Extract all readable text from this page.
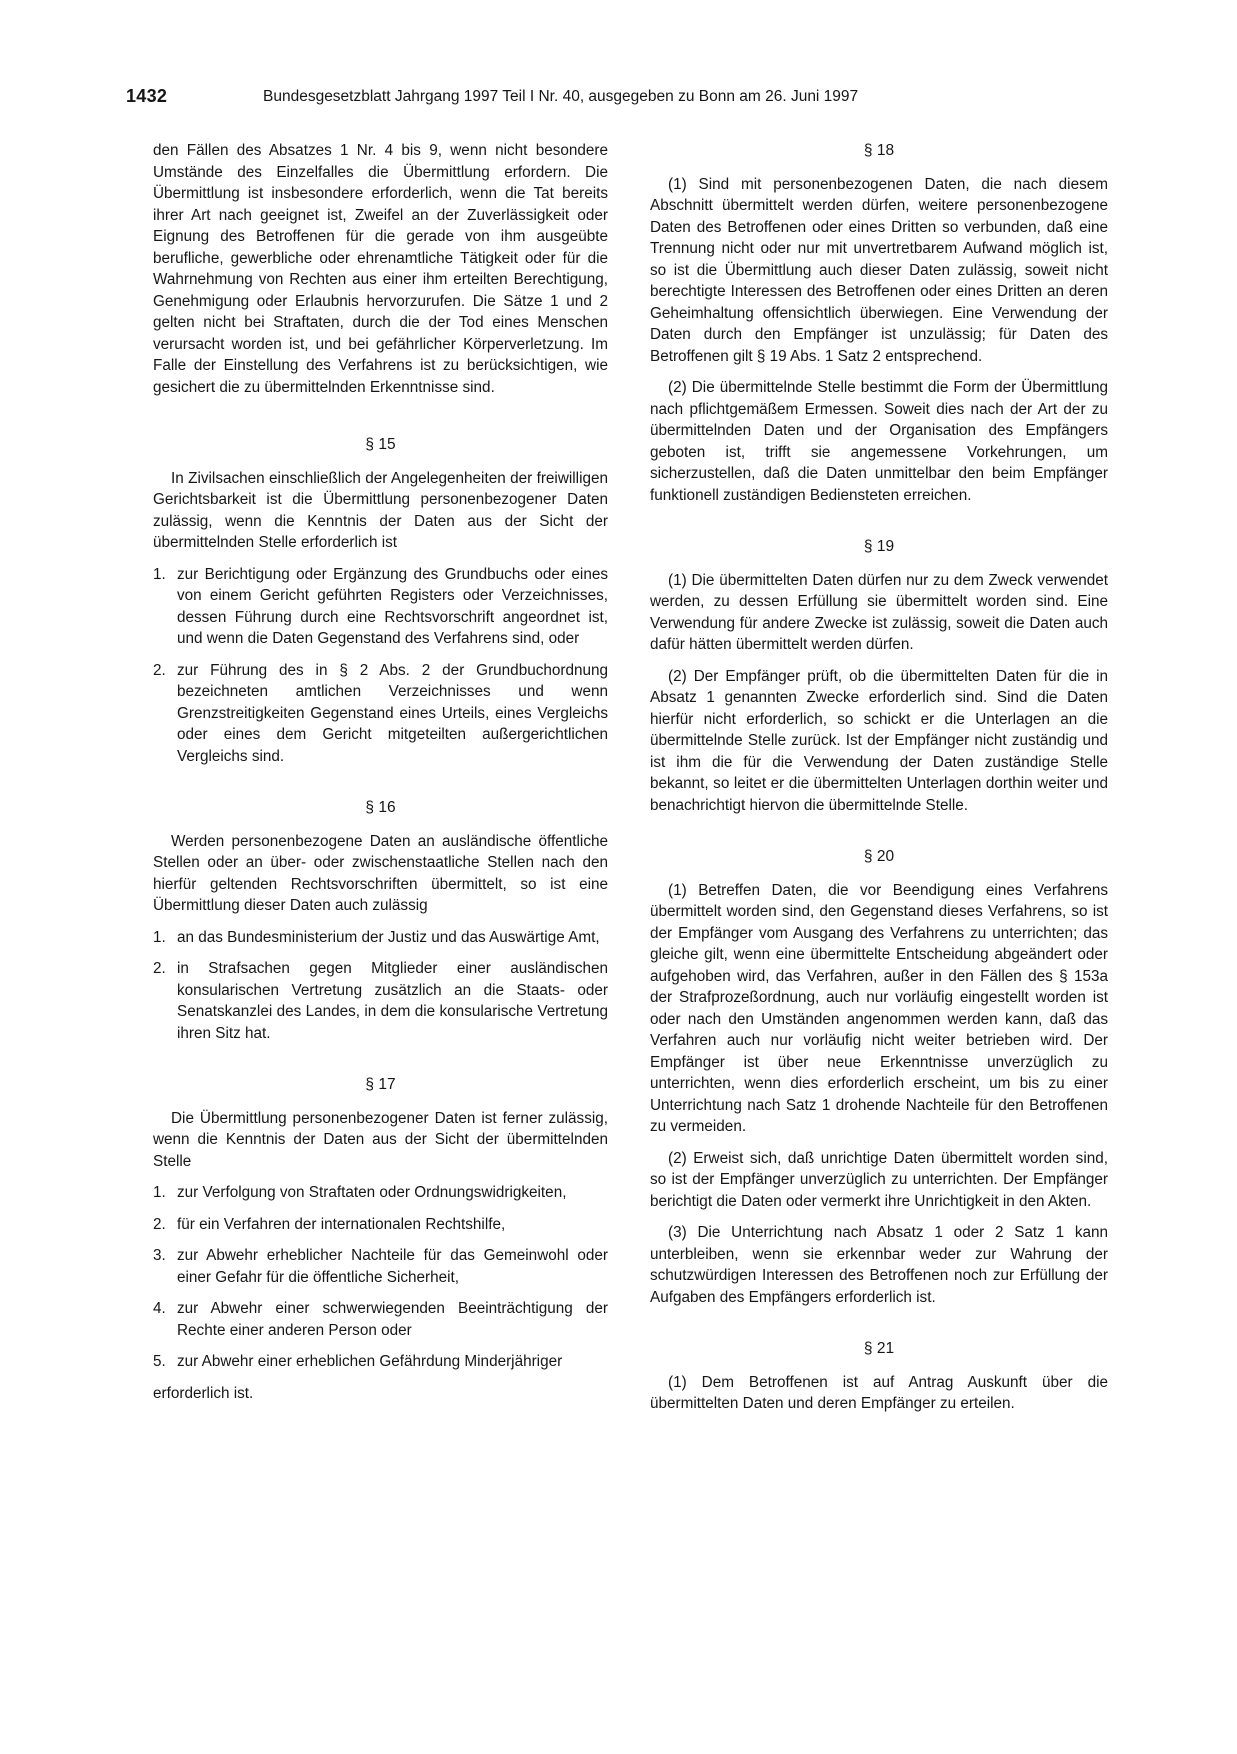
1432	Bundesgesetzblatt Jahrgang 1997 Teil I Nr. 40, ausgegeben zu Bonn am 26. Juni 1997

den Fällen des Absatzes 1 Nr. 4 bis 9, wenn nicht besondere Umstände des Einzelfalles die Übermittlung erfordern. Die Übermittlung ist insbesondere erforderlich, wenn die Tat bereits ihrer Art nach geeignet ist, Zweifel an der Zuverlässigkeit oder Eignung des Betroffenen für die gerade von ihm ausgeübte berufliche, gewerbliche oder ehrenamtliche Tätigkeit oder für die Wahrnehmung von Rechten aus einer ihm erteilten Berechtigung, Genehmigung oder Erlaubnis hervorzurufen. Die Sätze 1 und 2 gelten nicht bei Straftaten, durch die der Tod eines Menschen verursacht worden ist, und bei gefährlicher Körperverletzung. Im Falle der Einstellung des Verfahrens ist zu berücksichtigen, wie gesichert die zu übermittelnden Erkenntnisse sind.

§ 15

In Zivilsachen einschließlich der Angelegenheiten der freiwilligen Gerichtsbarkeit ist die Übermittlung personenbezogener Daten zulässig, wenn die Kenntnis der Daten aus der Sicht der übermittelnden Stelle erforderlich ist

1. zur Berichtigung oder Ergänzung des Grundbuchs oder eines von einem Gericht geführten Registers oder Verzeichnisses, dessen Führung durch eine Rechtsvorschrift angeordnet ist, und wenn die Daten Gegenstand des Verfahrens sind, oder
2. zur Führung des in § 2 Abs. 2 der Grundbuchordnung bezeichneten amtlichen Verzeichnisses und wenn Grenzstreitigkeiten Gegenstand eines Urteils, eines Vergleichs oder eines dem Gericht mitgeteilten außergerichtlichen Vergleichs sind.
§ 16

Werden personenbezogene Daten an ausländische öffentliche Stellen oder an über- oder zwischenstaatliche Stellen nach den hierfür geltenden Rechtsvorschriften übermittelt, so ist eine Übermittlung dieser Daten auch zulässig

1. an das Bundesministerium der Justiz und das Auswärtige Amt,
2. in Strafsachen gegen Mitglieder einer ausländischen konsularischen Vertretung zusätzlich an die Staats- oder Senatskanzlei des Landes, in dem die konsularische Vertretung ihren Sitz hat.
§ 17

Die Übermittlung personenbezogener Daten ist ferner zulässig, wenn die Kenntnis der Daten aus der Sicht der übermittelnden Stelle

1. zur Verfolgung von Straftaten oder Ordnungswidrigkeiten,
2. für ein Verfahren der internationalen Rechtshilfe,
3. zur Abwehr erheblicher Nachteile für das Gemeinwohl oder einer Gefahr für die öffentliche Sicherheit,
4. zur Abwehr einer schwerwiegenden Beeinträchtigung der Rechte einer anderen Person oder
5. zur Abwehr einer erheblichen Gefährdung Minderjähriger

erforderlich ist.

§ 18

(1) Sind mit personenbezogenen Daten, die nach diesem Abschnitt übermittelt werden dürfen, weitere personenbezogene Daten des Betroffenen oder eines Dritten so verbunden, daß eine Trennung nicht oder nur mit unvertretbarem Aufwand möglich ist, so ist die Übermittlung auch dieser Daten zulässig, soweit nicht berechtigte Interessen des Betroffenen oder eines Dritten an deren Geheimhaltung offensichtlich überwiegen. Eine Verwendung der Daten durch den Empfänger ist unzulässig; für Daten des Betroffenen gilt § 19 Abs. 1 Satz 2 entsprechend.

(2) Die übermittelnde Stelle bestimmt die Form der Übermittlung nach pflichtgemäßem Ermessen. Soweit dies nach der Art der zu übermittelnden Daten und der Organisation des Empfängers geboten ist, trifft sie angemessene Vorkehrungen, um sicherzustellen, daß die Daten unmittelbar den beim Empfänger funktionell zuständigen Bediensteten erreichen.

§ 19

(1) Die übermittelten Daten dürfen nur zu dem Zweck verwendet werden, zu dessen Erfüllung sie übermittelt worden sind. Eine Verwendung für andere Zwecke ist zulässig, soweit die Daten auch dafür hätten übermittelt werden dürfen.

(2) Der Empfänger prüft, ob die übermittelten Daten für die in Absatz 1 genannten Zwecke erforderlich sind. Sind die Daten hierfür nicht erforderlich, so schickt er die Unterlagen an die übermittelnde Stelle zurück. Ist der Empfänger nicht zuständig und ist ihm die für die Verwendung der Daten zuständige Stelle bekannt, so leitet er die übermittelten Unterlagen dorthin weiter und benachrichtigt hiervon die übermittelnde Stelle.

§ 20

(1) Betreffen Daten, die vor Beendigung eines Verfahrens übermittelt worden sind, den Gegenstand dieses Verfahrens, so ist der Empfänger vom Ausgang des Verfahrens zu unterrichten; das gleiche gilt, wenn eine übermittelte Entscheidung abgeändert oder aufgehoben wird, das Verfahren, außer in den Fällen des § 153a der Strafprozeßordnung, auch nur vorläufig eingestellt worden ist oder nach den Umständen angenommen werden kann, daß das Verfahren auch nur vorläufig nicht weiter betrieben wird. Der Empfänger ist über neue Erkenntnisse unverzüglich zu unterrichten, wenn dies erforderlich erscheint, um bis zu einer Unterrichtung nach Satz 1 drohende Nachteile für den Betroffenen zu vermeiden.

(2) Erweist sich, daß unrichtige Daten übermittelt worden sind, so ist der Empfänger unverzüglich zu unterrichten. Der Empfänger berichtigt die Daten oder vermerkt ihre Unrichtigkeit in den Akten.

(3) Die Unterrichtung nach Absatz 1 oder 2 Satz 1 kann unterbleiben, wenn sie erkennbar weder zur Wahrung der schutzwürdigen Interessen des Betroffenen noch zur Erfüllung der Aufgaben des Empfängers erforderlich ist.

§ 21

(1) Dem Betroffenen ist auf Antrag Auskunft über die übermittelten Daten und deren Empfänger zu erteilen.
